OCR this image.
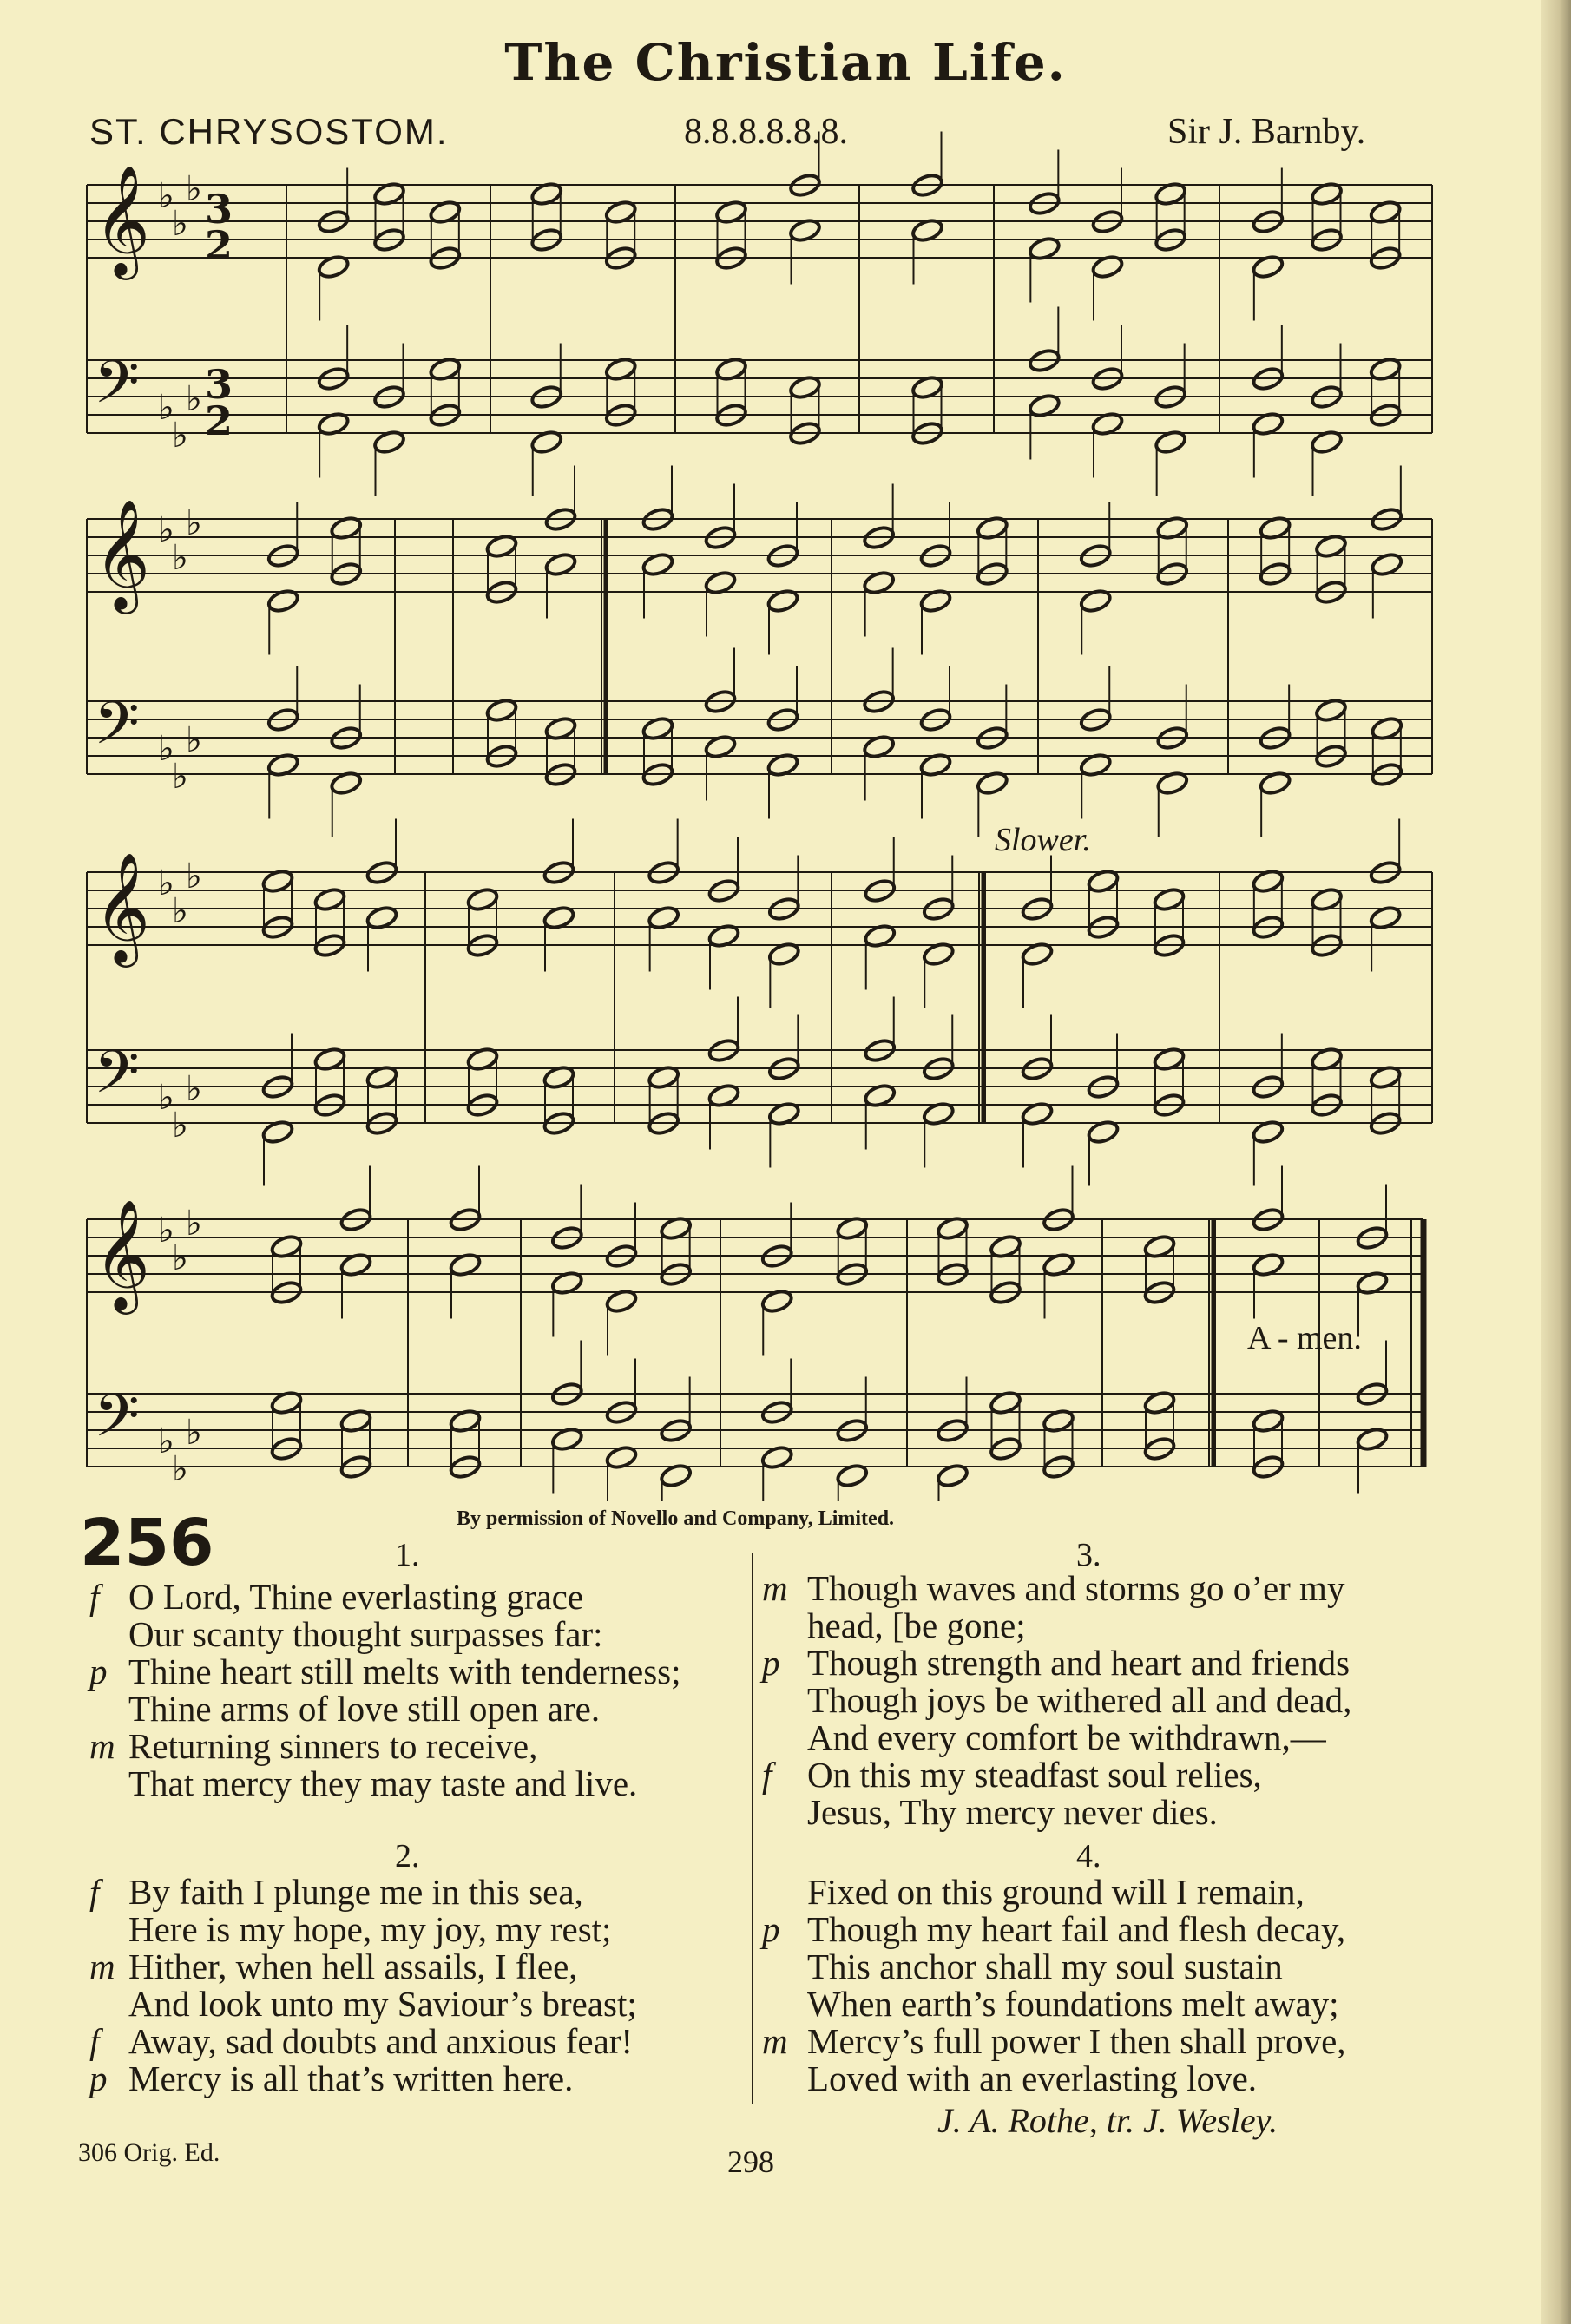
The Christian Life.
ST. CHRYSOSTOM.	8.8.8.8.8.8.	Sir J. Barnby.
𝄞 ♭
♭
♭ 3
2
𝄢 ♭
♭
♭ 3
2
𝄞 ♭
♭
♭
𝄢 ♭
♭
♭
𝄞 ♭
♭
♭
𝄢 ♭
♭
♭
𝄞 ♭
♭
♭
𝄢 ♭
♭
♭
Slower.
A - men.
256	By permission of Novello and Company, Limited.
1.
f O Lord, Thine everlasting grace
Our scanty thought surpasses far:
p Thine heart still melts with tenderness;
Thine arms of love still open are.
m Returning sinners to receive,
That mercy they may taste and live.
2.
f By faith I plunge me in this sea,
Here is my hope, my joy, my rest;
m Hither, when hell assails, I flee,
And look unto my Saviour’s breast;
f Away, sad doubts and anxious fear!
p Mercy is all that’s written here.
3.
m Though waves and storms go o’er my
head, [be gone;
p Though strength and heart and friends
Though joys be withered all and dead,
And every comfort be withdrawn,—
f On this my steadfast soul relies,
Jesus, Thy mercy never dies.
4.
Fixed on this ground will I remain,
p Though my heart fail and flesh decay,
This anchor shall my soul sustain
When earth’s foundations melt away;
m Mercy’s full power I then shall prove,
Loved with an everlasting love.
J. A. Rothe, tr. J. Wesley.
306 Orig. Ed.	298
